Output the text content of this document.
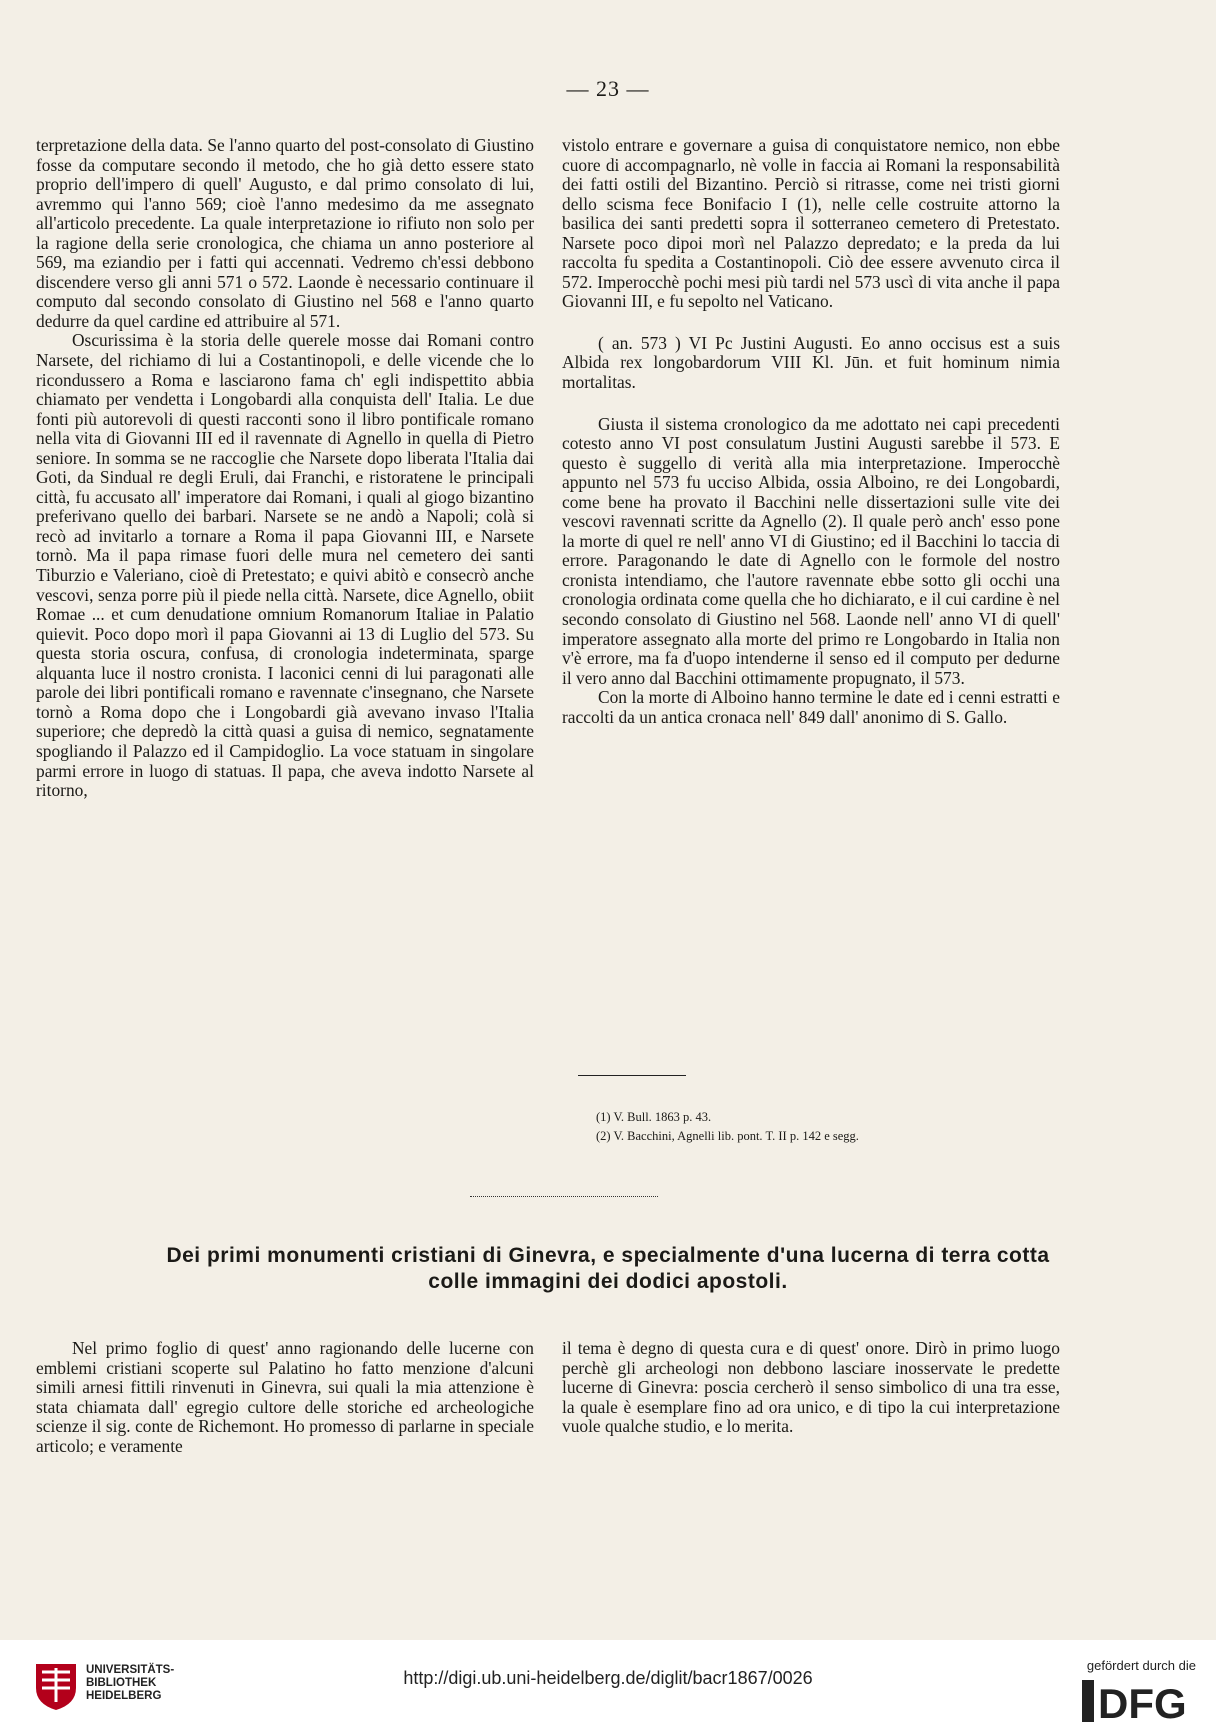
— 23 —

terpretazione della data. Se l'anno quarto del post-consolato di Giustino fosse da computare secondo il metodo, che ho già detto essere stato proprio dell'impero di quell' Augusto, e dal primo consolato di lui, avremmo qui l'anno 569; cioè l'anno medesimo da me assegnato all'articolo precedente. La quale interpretazione io rifiuto non solo per la ragione della serie cronologica, che chiama un anno posteriore al 569, ma eziandio per i fatti qui accennati. Vedremo ch'essi debbono discendere verso gli anni 571 o 572. Laonde è necessario continuare il computo dal secondo consolato di Giustino nel 568 e l'anno quarto dedurre da quel cardine ed attribuire al 571.

Oscurissima è la storia delle querele mosse dai Romani contro Narsete, del richiamo di lui a Costantinopoli, e delle vicende che lo ricondussero a Roma e lasciarono fama ch' egli indispettito abbia chiamato per vendetta i Longobardi alla conquista dell' Italia. Le due fonti più autorevoli di questi racconti sono il libro pontificale romano nella vita di Giovanni III ed il ravennate di Agnello in quella di Pietro seniore. In somma se ne raccoglie che Narsete dopo liberata l'Italia dai Goti, da Sindual re degli Eruli, dai Franchi, e ristoratene le principali città, fu accusato all' imperatore dai Romani, i quali al giogo bizantino preferivano quello dei barbari. Narsete se ne andò a Napoli; colà si recò ad invitarlo a tornare a Roma il papa Giovanni III, e Narsete tornò. Ma il papa rimase fuori delle mura nel cemetero dei santi Tiburzio e Valeriano, cioè di Pretestato; e quivi abitò e consecrò anche vescovi, senza porre più il piede nella città. Narsete, dice Agnello, obiit Romae ... et cum denudatione omnium Romanorum Italiae in Palatio quievit. Poco dopo morì il papa Giovanni ai 13 di Luglio del 573. Su questa storia oscura, confusa, di cronologia indeterminata, sparge alquanta luce il nostro cronista. I laconici cenni di lui paragonati alle parole dei libri pontificali romano e ravennate c'insegnano, che Narsete tornò a Roma dopo che i Longobardi già avevano invaso l'Italia superiore; che depredò la città quasi a guisa di nemico, segnatamente spogliando il Palazzo ed il Campidoglio. La voce statuam in singolare parmi errore in luogo di statuas. Il papa, che aveva indotto Narsete al ritorno,

vistolo entrare e governare a guisa di conquistatore nemico, non ebbe cuore di accompagnarlo, nè volle in faccia ai Romani la responsabilità dei fatti ostili del Bizantino. Perciò si ritrasse, come nei tristi giorni dello scisma fece Bonifacio I (1), nelle celle costruite attorno la basilica dei santi predetti sopra il sotterraneo cemetero di Pretestato. Narsete poco dipoi morì nel Palazzo depredato; e la preda da lui raccolta fu spedita a Costantinopoli. Ciò dee essere avvenuto circa il 572. Imperocchè pochi mesi più tardi nel 573 uscì di vita anche il papa Giovanni III, e fu sepolto nel Vaticano.

( an. 573 ) VI Pc Justini Augusti. Eo anno occisus est a suis Albida rex longobardorum VIII Kl. Jūn. et fuit hominum nimia mortalitas.

Giusta il sistema cronologico da me adottato nei capi precedenti cotesto anno VI post consulatum Justini Augusti sarebbe il 573. E questo è suggello di verità alla mia interpretazione. Imperocchè appunto nel 573 fu ucciso Albida, ossia Alboino, re dei Longobardi, come bene ha provato il Bacchini nelle dissertazioni sulle vite dei vescovi ravennati scritte da Agnello (2). Il quale però anch' esso pone la morte di quel re nell' anno VI di Giustino; ed il Bacchini lo taccia di errore. Paragonando le date di Agnello con le formole del nostro cronista intendiamo, che l'autore ravennate ebbe sotto gli occhi una cronologia ordinata come quella che ho dichiarato, e il cui cardine è nel secondo consolato di Giustino nel 568. Laonde nell' anno VI di quell' imperatore assegnato alla morte del primo re Longobardo in Italia non v'è errore, ma fa d'uopo intenderne il senso ed il computo per dedurne il vero anno dal Bacchini ottimamente propugnato, il 573.

Con la morte di Alboino hanno termine le date ed i cenni estratti e raccolti da un antica cronaca nell' 849 dall' anonimo di S. Gallo.

(1) V. Bull. 1863 p. 43.
(2) V. Bacchini, Agnelli lib. pont. T. II p. 142 e segg.
Dei primi monumenti cristiani di Ginevra, e specialmente d'una lucerna di terra cotta
colle immagini dei dodici apostoli.

Nel primo foglio di quest' anno ragionando delle lucerne con emblemi cristiani scoperte sul Palatino ho fatto menzione d'alcuni simili arnesi fittili rinvenuti in Ginevra, sui quali la mia attenzione è stata chiamata dall' egregio cultore delle storiche ed archeologiche scienze il sig. conte de Richemont. Ho promesso di parlarne in speciale articolo; e veramente

il tema è degno di questa cura e di quest' onore. Dirò in primo luogo perchè gli archeologi non debbono lasciare inosservate le predette lucerne di Ginevra: poscia cercherò il senso simbolico di una tra esse, la quale è esemplare fino ad ora unico, e di tipo la cui interpretazione vuole qualche studio, e lo merita.

UNIVERSITÄTS-
BIBLIOTHEK
HEIDELBERG
http://digi.ub.uni-heidelberg.de/diglit/bacr1867/0026
gefördert durch die
DFG
